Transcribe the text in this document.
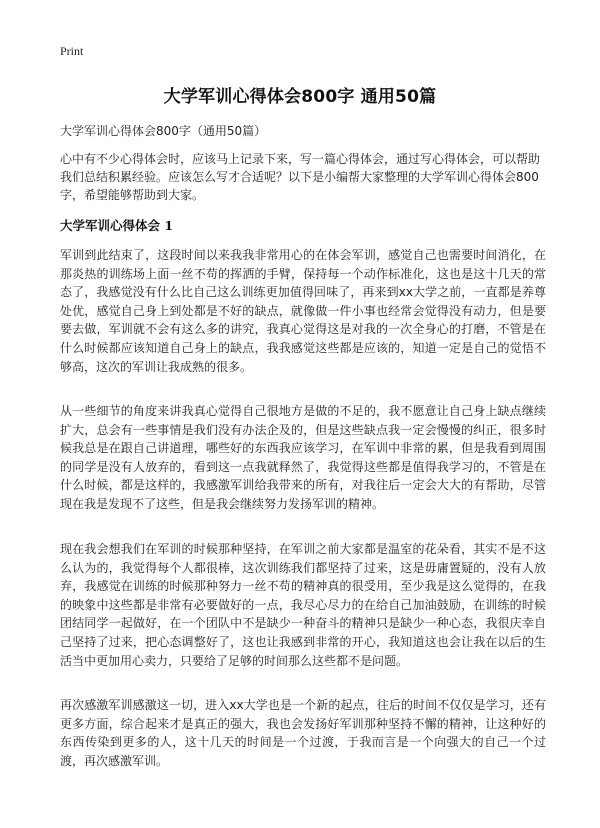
Print
大学军训心得体会800字 通用50篇

大学军训心得体会800字（通用50篇）

心中有不少心得体会时，应该马上记录下来，写一篇心得体会，通过写心得体会，可以帮助我们总结积累经验。应该怎么写才合适呢？以下是小编帮大家整理的大学军训心得体会800字，希望能够帮助到大家。

大学军训心得体会 1

军训到此结束了，这段时间以来我我非常用心的在体会军训，感觉自己也需要时间消化，在那炎热的训练场上面一丝不苟的挥洒的手臂，保持每一个动作标准化，这也是这十几天的常态了，我感觉没有什么比自己这么训练更加值得回味了，再来到xx大学之前，一直都是养尊处优，感觉自己身上到处都是不好的缺点，就像做一件小事也经常会觉得没有动力，但是要要去做，军训就不会有这么多的讲究，我真心觉得这是对我的一次全身心的打磨，不管是在什么时候都应该知道自己身上的缺点，我我感觉这些都是应该的，知道一定是自己的觉悟不够高，这次的军训让我成熟的很多。

从一些细节的角度来讲我真心觉得自己很地方是做的不足的，我不愿意让自己身上缺点继续扩大，总会有一些事情是我们没有办法企及的，但是这些缺点我一定会慢慢的纠正，很多时候我总是在跟自己讲道理，哪些好的东西我应该学习，在军训中非常的累，但是我看到周围的同学是没有人放弃的，看到这一点我就释然了，我觉得这些都是值得我学习的，不管是在什么时候，都是这样的，我感激军训给我带来的所有，对我往后一定会大大的有帮助，尽管现在我是发现不了这些，但是我会继续努力发扬军训的精神。

现在我会想我们在军训的时候那种坚持，在军训之前大家都是温室的花朵看，其实不是不这么认为的，我觉得每个人都很棒，这次训练我们都坚持了过来，这是毋庸置疑的，没有人放弃，我感觉在训练的时候那种努力一丝不苟的精神真的很受用，至少我是这么觉得的，在我的映象中这些都是非常有必要做好的一点，我尽心尽力的在给自己加油鼓励，在训练的时候团结同学一起做好，在一个团队中不是缺少一种奋斗的精神只是缺少一种心态，我很庆幸自己坚持了过来，把心态调整好了，这也让我感到非常的开心，我知道这也会让我在以后的生活当中更加用心卖力，只要给了足够的时间那么这些都不是问题。

再次感激军训感激这一切，进入xx大学也是一个新的起点，往后的时间不仅仅是学习，还有更多方面，综合起来才是真正的强大，我也会发扬好军训那种坚持不懈的精神，让这种好的东西传染到更多的人，这十几天的时间是一个过渡，于我而言是一个向强大的自己一个过渡，再次感激军训。
